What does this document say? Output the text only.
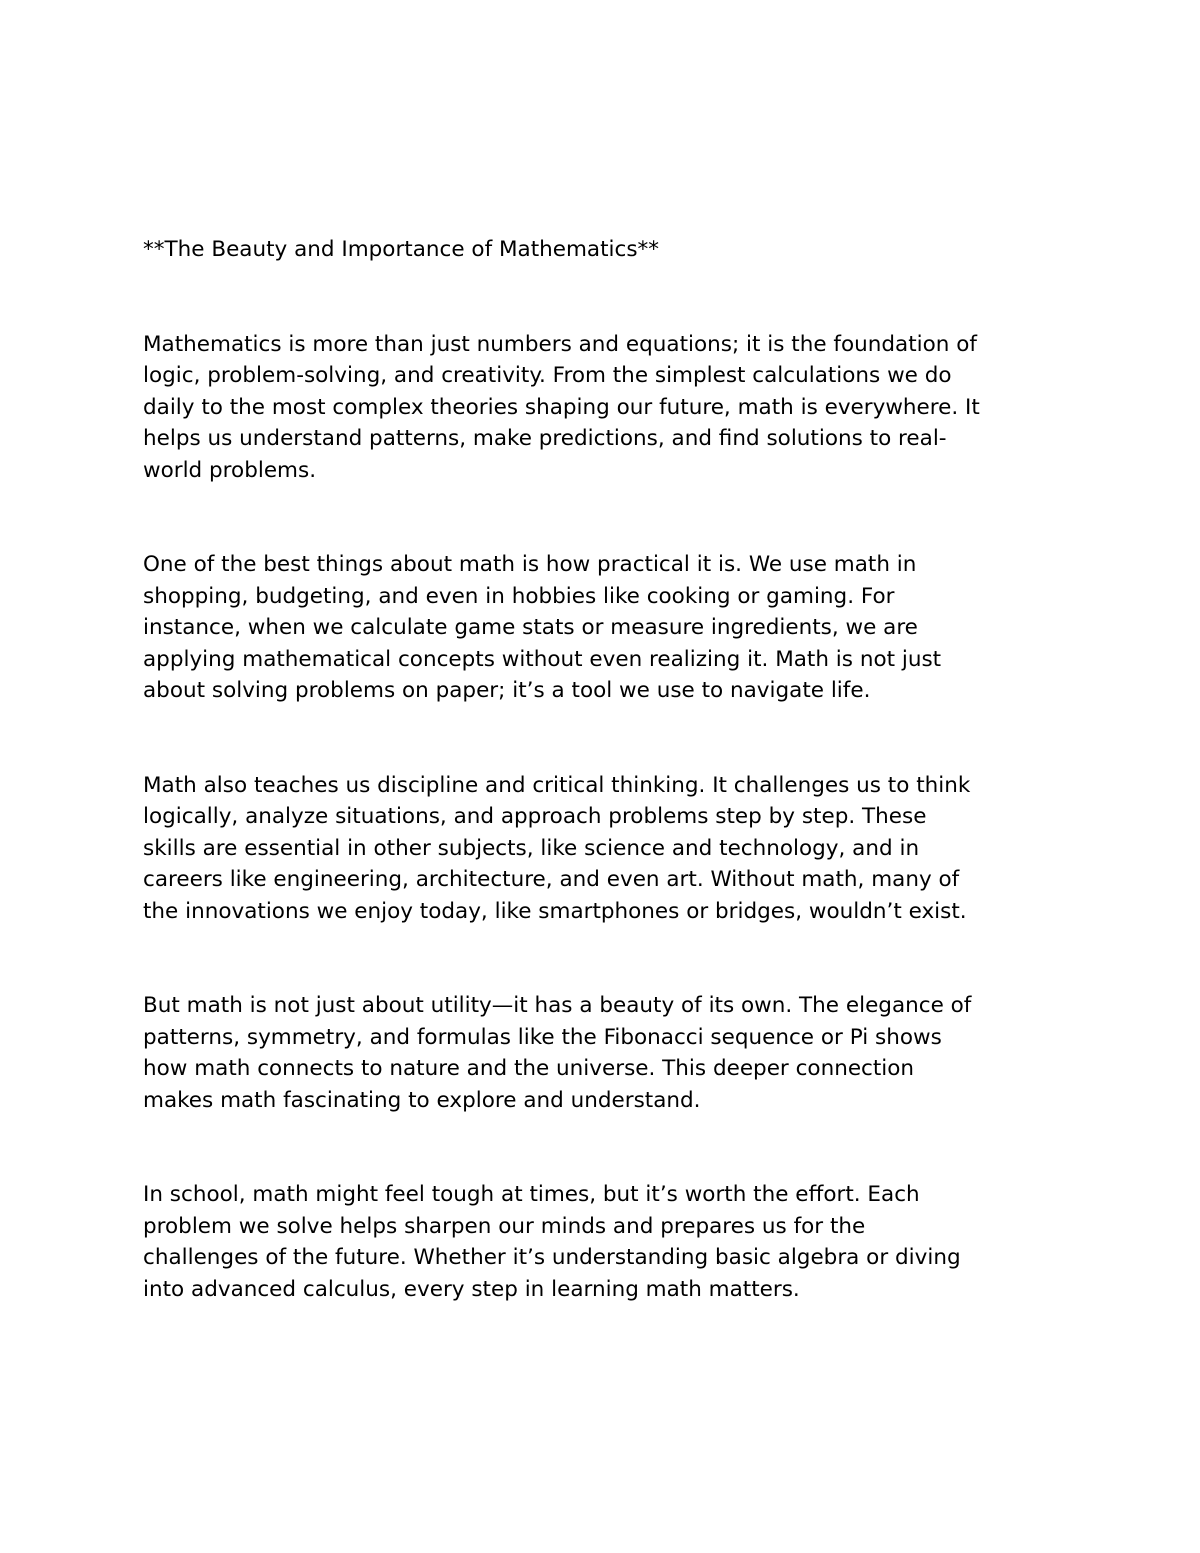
**The Beauty and Importance of Mathematics**

Mathematics is more than just numbers and equations; it is the foundation of
logic, problem-solving, and creativity. From the simplest calculations we do
daily to the most complex theories shaping our future, math is everywhere. It
helps us understand patterns, make predictions, and find solutions to real-
world problems.

One of the best things about math is how practical it is. We use math in
shopping, budgeting, and even in hobbies like cooking or gaming. For
instance, when we calculate game stats or measure ingredients, we are
applying mathematical concepts without even realizing it. Math is not just
about solving problems on paper; it’s a tool we use to navigate life.

Math also teaches us discipline and critical thinking. It challenges us to think
logically, analyze situations, and approach problems step by step. These
skills are essential in other subjects, like science and technology, and in
careers like engineering, architecture, and even art. Without math, many of
the innovations we enjoy today, like smartphones or bridges, wouldn’t exist.

But math is not just about utility—it has a beauty of its own. The elegance of
patterns, symmetry, and formulas like the Fibonacci sequence or Pi shows
how math connects to nature and the universe. This deeper connection
makes math fascinating to explore and understand.

In school, math might feel tough at times, but it’s worth the effort. Each
problem we solve helps sharpen our minds and prepares us for the
challenges of the future. Whether it’s understanding basic algebra or diving
into advanced calculus, every step in learning math matters.
